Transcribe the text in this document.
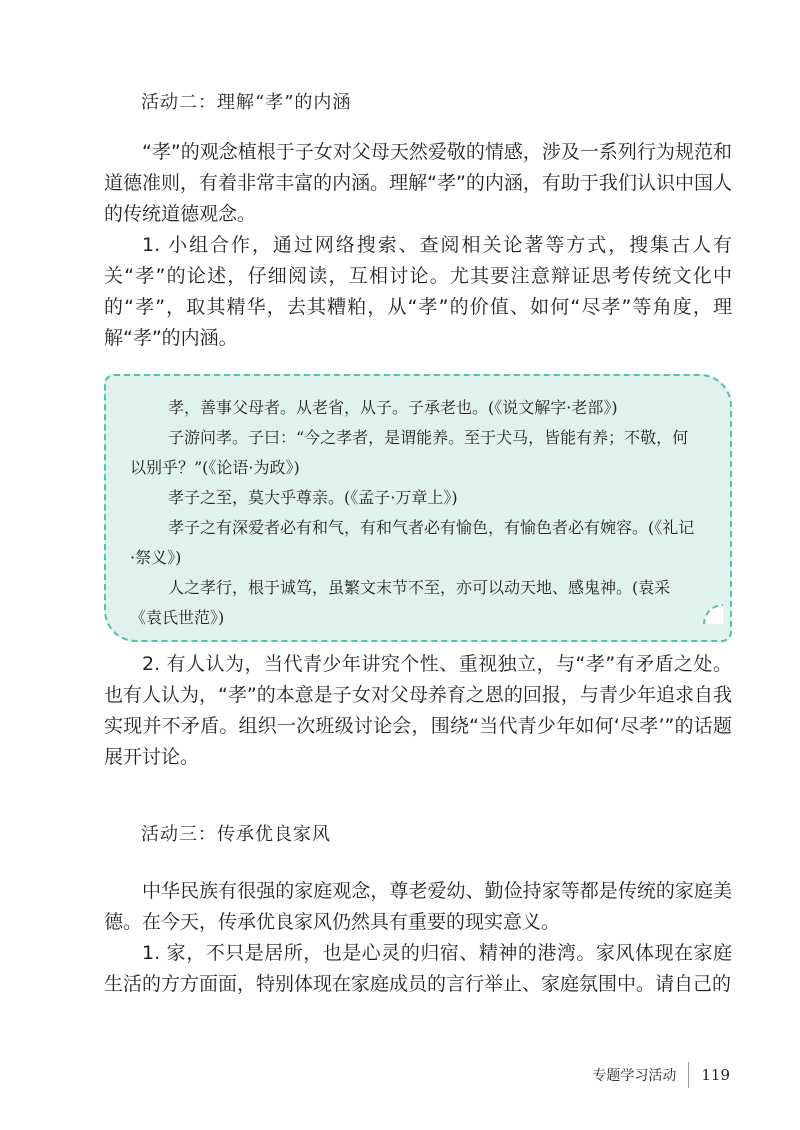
活动二：理解“孝”的内涵

“孝”的观念植根于子女对父母天然爱敬的情感，涉及一系列行为规范和道德准则，有着非常丰富的内涵。理解“孝”的内涵，有助于我们认识中国人的传统道德观念。

1. 小组合作，通过网络搜索、查阅相关论著等方式，搜集古人有关“孝”的论述，仔细阅读，互相讨论。尤其要注意辩证思考传统文化中的“孝”，取其精华，去其糟粕，从“孝”的价值、如何“尽孝”等角度，理解“孝”的内涵。

孝，善事父母者。从老省，从子。子承老也。(《说文解字·老部》)

子游问孝。子曰：“今之孝者，是谓能养。至于犬马，皆能有养；不敬，何以别乎？”(《论语·为政》)

孝子之至，莫大乎尊亲。(《孟子·万章上》)

孝子之有深爱者必有和气，有和气者必有愉色，有愉色者必有婉容。(《礼记·祭义》)

人之孝行，根于诚笃，虽繁文末节不至，亦可以动天地、感鬼神。(袁采《袁氏世范》)

2. 有人认为，当代青少年讲究个性、重视独立，与“孝”有矛盾之处。也有人认为，“孝”的本意是子女对父母养育之恩的回报，与青少年追求自我实现并不矛盾。组织一次班级讨论会，围绕“当代青少年如何‘尽孝’”的话题展开讨论。

活动三：传承优良家风

中华民族有很强的家庭观念，尊老爱幼、勤俭持家等都是传统的家庭美德。在今天，传承优良家风仍然具有重要的现实意义。

1. 家，不只是居所，也是心灵的归宿、精神的港湾。家风体现在家庭生活的方方面面，特别体现在家庭成员的言行举止、家庭氛围中。请自己的

专题学习活动 119
